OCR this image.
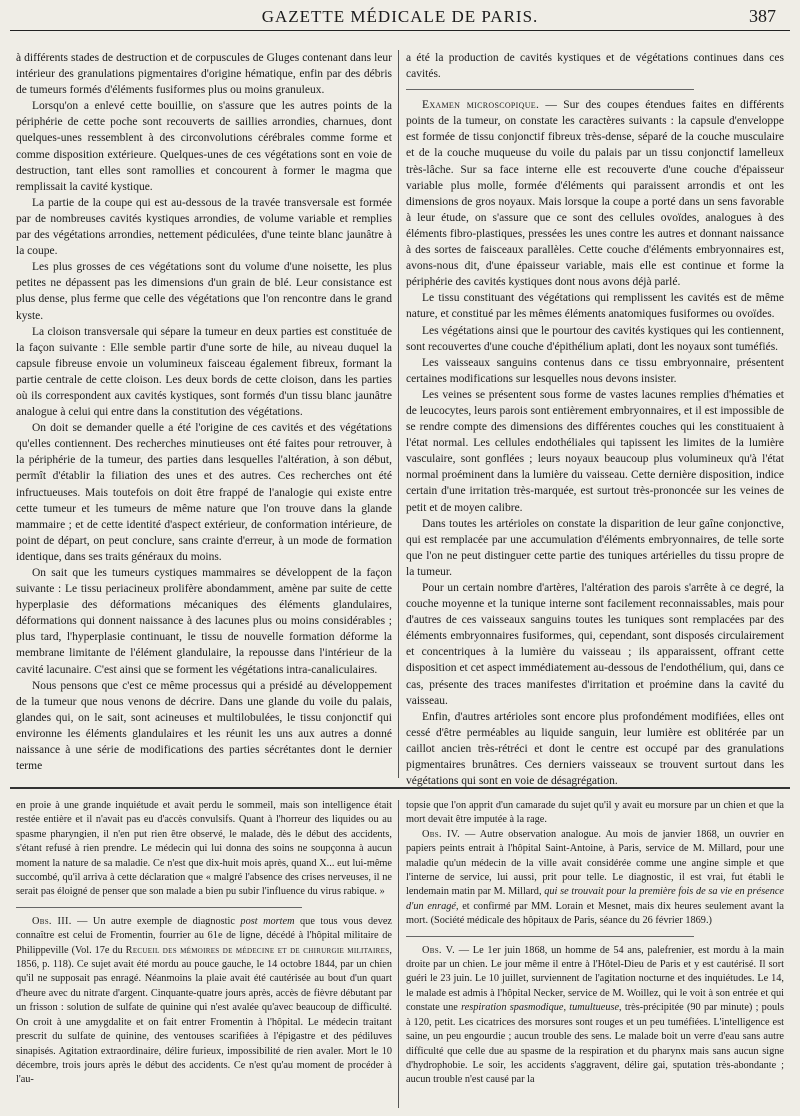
GAZETTE MÉDICALE DE PARIS.	387

à différents stades de destruction et de corpuscules de Gluges contenant dans leur intérieur des granulations pigmentaires d'origine hématique, enfin par des débris de tumeurs formés d'éléments fusiformes plus ou moins granuleux.

Lorsqu'on a enlevé cette bouillie, on s'assure que les autres points de la périphérie de cette poche sont recouverts de saillies arrondies, charnues, dont quelques-unes ressemblent à des circonvolutions cérébrales comme forme et comme disposition extérieure. Quelques-unes de ces végétations sont en voie de destruction, tant elles sont ramollies et concourent à former le magma que remplissait la cavité kystique.

La partie de la coupe qui est au-dessous de la travée transversale est formée par de nombreuses cavités kystiques arrondies, de volume variable et remplies par des végétations arrondies, nettement pédiculées, d'une teinte blanc jaunâtre à la coupe.

Les plus grosses de ces végétations sont du volume d'une noisette, les plus petites ne dépassent pas les dimensions d'un grain de blé. Leur consistance est plus dense, plus ferme que celle des végétations que l'on rencontre dans le grand kyste.

La cloison transversale qui sépare la tumeur en deux parties est constituée de la façon suivante : Elle semble partir d'une sorte de hile, au niveau duquel la capsule fibreuse envoie un volumineux faisceau également fibreux, formant la partie centrale de cette cloison. Les deux bords de cette cloison, dans les parties où ils correspondent aux cavités kystiques, sont formés d'un tissu blanc jaunâtre analogue à celui qui entre dans la constitution des végétations.

On doit se demander quelle a été l'origine de ces cavités et des végétations qu'elles contiennent. Des recherches minutieuses ont été faites pour retrouver, à la périphérie de la tumeur, des parties dans lesquelles l'altération, à son début, permît d'établir la filiation des unes et des autres. Ces recherches ont été infructueuses. Mais toutefois on doit être frappé de l'analogie qui existe entre cette tumeur et les tumeurs de même nature que l'on trouve dans la glande mammaire ; et de cette identité d'aspect extérieur, de conformation intérieure, de point de départ, on peut conclure, sans crainte d'erreur, à un mode de formation identique, dans ses traits généraux du moins.

On sait que les tumeurs cystiques mammaires se développent de la façon suivante : Le tissu periacineux prolifère abondamment, amène par suite de cette hyperplasie des déformations mécaniques des éléments glandulaires, déformations qui donnent naissance à des lacunes plus ou moins considérables ; plus tard, l'hyperplasie continuant, le tissu de nouvelle formation déforme la membrane limitante de l'élément glandulaire, la repousse dans l'intérieur de la cavité lacunaire. C'est ainsi que se forment les végétations intra-canaliculaires.

Nous pensons que c'est ce même processus qui a présidé au développement de la tumeur que nous venons de décrire. Dans une glande du voile du palais, glandes qui, on le sait, sont acineuses et multilobulées, le tissu conjonctif qui environne les éléments glandulaires et les réunit les uns aux autres a donné naissance à une série de modifications des parties sécrétantes dont le dernier terme

a été la production de cavités kystiques et de végétations continues dans ces cavités.

Examen microscopique. — Sur des coupes étendues faites en différents points de la tumeur, on constate les caractères suivants : la capsule d'enveloppe est formée de tissu conjonctif fibreux très-dense, séparé de la couche musculaire et de la couche muqueuse du voile du palais par un tissu conjonctif lamelleux très-lâche. Sur sa face interne elle est recouverte d'une couche d'épaisseur variable plus molle, formée d'éléments qui paraissent arrondis et ont les dimensions de gros noyaux. Mais lorsque la coupe a porté dans un sens favorable à leur étude, on s'assure que ce sont des cellules ovoïdes, analogues à des éléments fibro-plastiques, pressées les unes contre les autres et donnant naissance à des sortes de faisceaux parallèles. Cette couche d'éléments embryonnaires est, avons-nous dit, d'une épaisseur variable, mais elle est continue et forme la périphérie des cavités kystiques dont nous avons déjà parlé.

Le tissu constituant des végétations qui remplissent les cavités est de même nature, et constitué par les mêmes éléments anatomiques fusiformes ou ovoïdes.

Les végétations ainsi que le pourtour des cavités kystiques qui les contiennent, sont recouvertes d'une couche d'épithélium aplati, dont les noyaux sont tuméfiés.

Les vaisseaux sanguins contenus dans ce tissu embryonnaire, présentent certaines modifications sur lesquelles nous devons insister.

Les veines se présentent sous forme de vastes lacunes remplies d'hématies et de leucocytes, leurs parois sont entièrement embryonnaires, et il est impossible de se rendre compte des dimensions des différentes couches qui les constituaient à l'état normal. Les cellules endothéliales qui tapissent les limites de la lumière vasculaire, sont gonflées ; leurs noyaux beaucoup plus volumineux qu'à l'état normal proéminent dans la lumière du vaisseau. Cette dernière disposition, indice certain d'une irritation très-marquée, est surtout très-prononcée sur les veines de petit et de moyen calibre.

Dans toutes les artérioles on constate la disparition de leur gaîne conjonctive, qui est remplacée par une accumulation d'éléments embryonnaires, de telle sorte que l'on ne peut distinguer cette partie des tuniques artérielles du tissu propre de la tumeur.

Pour un certain nombre d'artères, l'altération des parois s'arrête à ce degré, la couche moyenne et la tunique interne sont facilement reconnaissables, mais pour d'autres de ces vaisseaux sanguins toutes les tuniques sont remplacées par des éléments embryonnaires fusiformes, qui, cependant, sont disposés circulairement et concentriques à la lumière du vaisseau ; ils apparaissent, offrant cette disposition et cet aspect immédiatement au-dessous de l'endothélium, qui, dans ce cas, présente des traces manifestes d'irritation et proémine dans la cavité du vaisseau.

Enfin, d'autres artérioles sont encore plus profondément modifiées, elles ont cessé d'être perméables au liquide sanguin, leur lumière est oblitérée par un caillot ancien très-rétréci et dont le centre est occupé par des granulations pigmentaires brunâtres. Ces derniers vaisseaux se trouvent surtout dans les végétations qui sont en voie de désagrégation.

en proie à une grande inquiétude et avait perdu le sommeil, mais son intelligence était restée entière et il n'avait pas eu d'accès convulsifs. Quant à l'horreur des liquides ou au spasme pharyngien, il n'en put rien être observé, le malade, dès le début des accidents, s'étant refusé à rien prendre. Le médecin qui lui donna des soins ne soupçonna à aucun moment la nature de sa maladie. Ce n'est que dix-huit mois après, quand X... eut lui-même succombé, qu'il arriva à cette déclaration que « malgré l'absence des crises nerveuses, il ne serait pas éloigné de penser que son malade a bien pu subir l'influence du virus rabique. »

Obs. III. — Un autre exemple de diagnostic post mortem que tous vous devez connaître est celui de Fromentin, fourrier au 61e de ligne, décédé à l'hôpital militaire de Philippeville (Vol. 17e du Recueil des mémoires de médecine et de chirurgie militaires, 1856, p. 118). Ce sujet avait été mordu au pouce gauche, le 14 octobre 1844, par un chien qu'il ne supposait pas enragé. Néanmoins la plaie avait été cautérisée au bout d'un quart d'heure avec du nitrate d'argent. Cinquante-quatre jours après, accès de fièvre débutant par un frisson : solution de sulfate de quinine qui n'est avalée qu'avec beaucoup de difficulté. On croit à une amygdalite et on fait entrer Fromentin à l'hôpital. Le médecin traitant prescrit du sulfate de quinine, des ventouses scarifiées à l'épigastre et des pédiluves sinapisés. Agitation extraordinaire, délire furieux, impossibilité de rien avaler. Mort le 10 décembre, trois jours après le début des accidents. Ce n'est qu'au moment de procéder à l'au-

topsie que l'on apprit d'un camarade du sujet qu'il y avait eu morsure par un chien et que la mort devait être imputée à la rage.

Obs. IV. — Autre observation analogue. Au mois de janvier 1868, un ouvrier en papiers peints entrait à l'hôpital Saint-Antoine, à Paris, service de M. Millard, pour une maladie qu'un médecin de la ville avait considérée comme une angine simple et que l'interne de service, lui aussi, prit pour telle. Le diagnostic, il est vrai, fut établi le lendemain matin par M. Millard, qui se trouvait pour la première fois de sa vie en présence d'un enragé, et confirmé par MM. Lorain et Mesnet, mais dix heures seulement avant la mort. (Société médicale des hôpitaux de Paris, séance du 26 février 1869.)

Obs. V. — Le 1er juin 1868, un homme de 54 ans, palefrenier, est mordu à la main droite par un chien. Le jour même il entre à l'Hôtel-Dieu de Paris et y est cautérisé. Il sort guéri le 23 juin. Le 10 juillet, surviennent de l'agitation nocturne et des inquiétudes. Le 14, le malade est admis à l'hôpital Necker, service de M. Woillez, qui le voit à son entrée et qui constate une respiration spasmodique, tumultueuse, très-précipitée (90 par minute) ; pouls à 120, petit. Les cicatrices des morsures sont rouges et un peu tuméfiées. L'intelligence est saine, un peu engourdie ; aucun trouble des sens. Le malade boit un verre d'eau sans autre difficulté que celle due au spasme de la respiration et du pharynx mais sans aucun signe d'hydrophobie. Le soir, les accidents s'aggravent, délire gai, sputation très-abondante ; aucun trouble n'est causé par la
